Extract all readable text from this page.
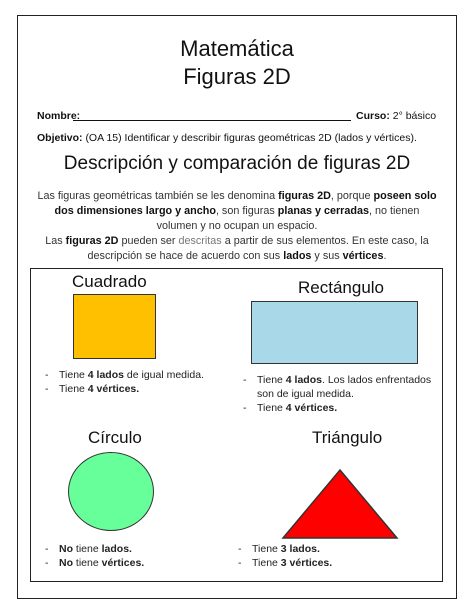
Matemática
Figuras 2D
Nombre:	Curso: 2° básico
Objetivo: (OA 15) Identificar y describir figuras geométricas 2D (lados y vértices).
Descripción y comparación de figuras 2D
Las figuras geométricas también se les denomina figuras 2D, porque poseen solo dos dimensiones largo y ancho, son figuras planas y cerradas, no tienen volumen y no ocupan un espacio.
Las figuras 2D pueden ser descritas a partir de sus elementos. En este caso, la descripción se hace de acuerdo con sus lados y sus vértices.
Cuadrado
- Tiene 4 lados de igual medida.
- Tiene 4 vértices.
Rectángulo
- Tiene 4 lados. Los lados enfrentados son de igual medida.
- Tiene 4 vértices.
Círculo
- No tiene lados.
- No tiene vértices.
Triángulo
- Tiene 3 lados.
- Tiene 3 vértices.
